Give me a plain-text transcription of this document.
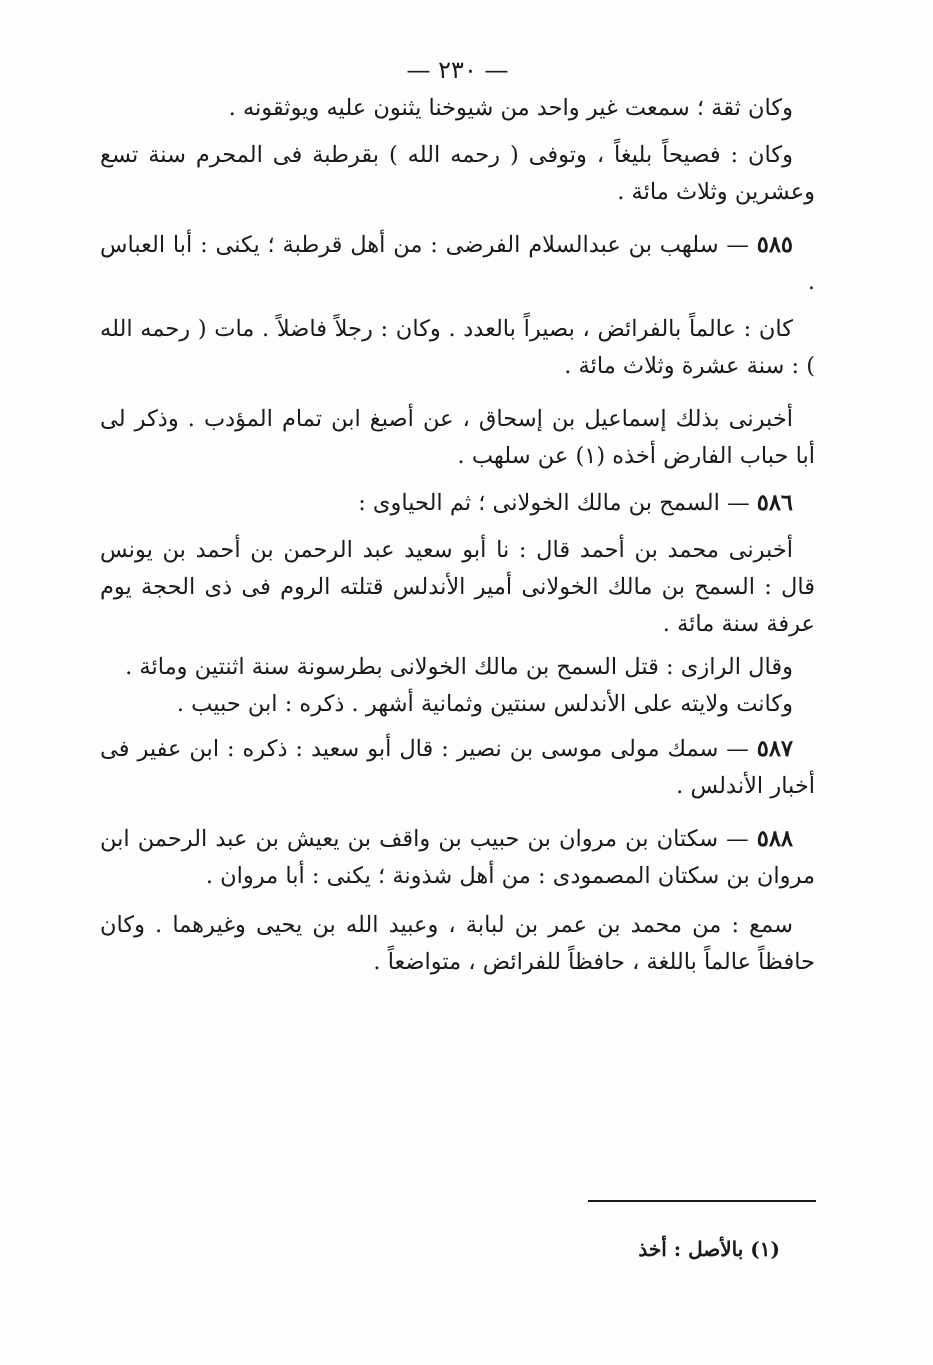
— ٢٣٠ —

وكان ثقة ؛ سمعت غير واحد من شيوخنا يثنون عليه ويوثقونه .

وكان : فصيحاً بليغاً ، وتوفى ( رحمه الله ) بقرطبة فى المحرم سنة تسع وعشرين وثلاث مائة .

٥٨٥ — سلهب بن عبدالسلام الفرضى : من أهل قرطبة ؛ يكنى : أبا العباس .

كان : عالماً بالفرائض ، بصيراً بالعدد . وكان : رجلاً فاضلاً . مات ( رحمه الله ) : سنة عشرة وثلاث مائة .

أخبرنى بذلك إسماعيل بن إسحاق ، عن أصبغ ابن تمام المؤدب . وذكر لى أبا حباب الفارض أخذه (١) عن سلهب .

٥٨٦ — السمح بن مالك الخولانى ؛ ثم الحياوى :

أخبرنى محمد بن أحمد قال : نا أبو سعيد عبد الرحمن بن أحمد بن يونس قال : السمح بن مالك الخولانى أمير الأندلس قتلته الروم فى ذى الحجة يوم عرفة سنة مائة .

وقال الرازى : قتل السمح بن مالك الخولانى بطرسونة سنة اثنتين ومائة .

وكانت ولايته على الأندلس سنتين وثمانية أشهر . ذكره : ابن حبيب .

٥٨٧ — سمك مولى موسى بن نصير : قال أبو سعيد : ذكره : ابن عفير فى أخبار الأندلس .

٥٨٨ — سكتان بن مروان بن حبيب بن واقف بن يعيش بن عبد الرحمن ابن مروان بن سكتان المصمودى : من أهل شذونة ؛ يكنى : أبا مروان .

سمع : من محمد بن عمر بن لبابة ، وعبيد الله بن يحيى وغيرهما . وكان حافظاً عالماً باللغة ، حافظاً للفرائض ، متواضعاً .

(١) بالأصل : أخذ
